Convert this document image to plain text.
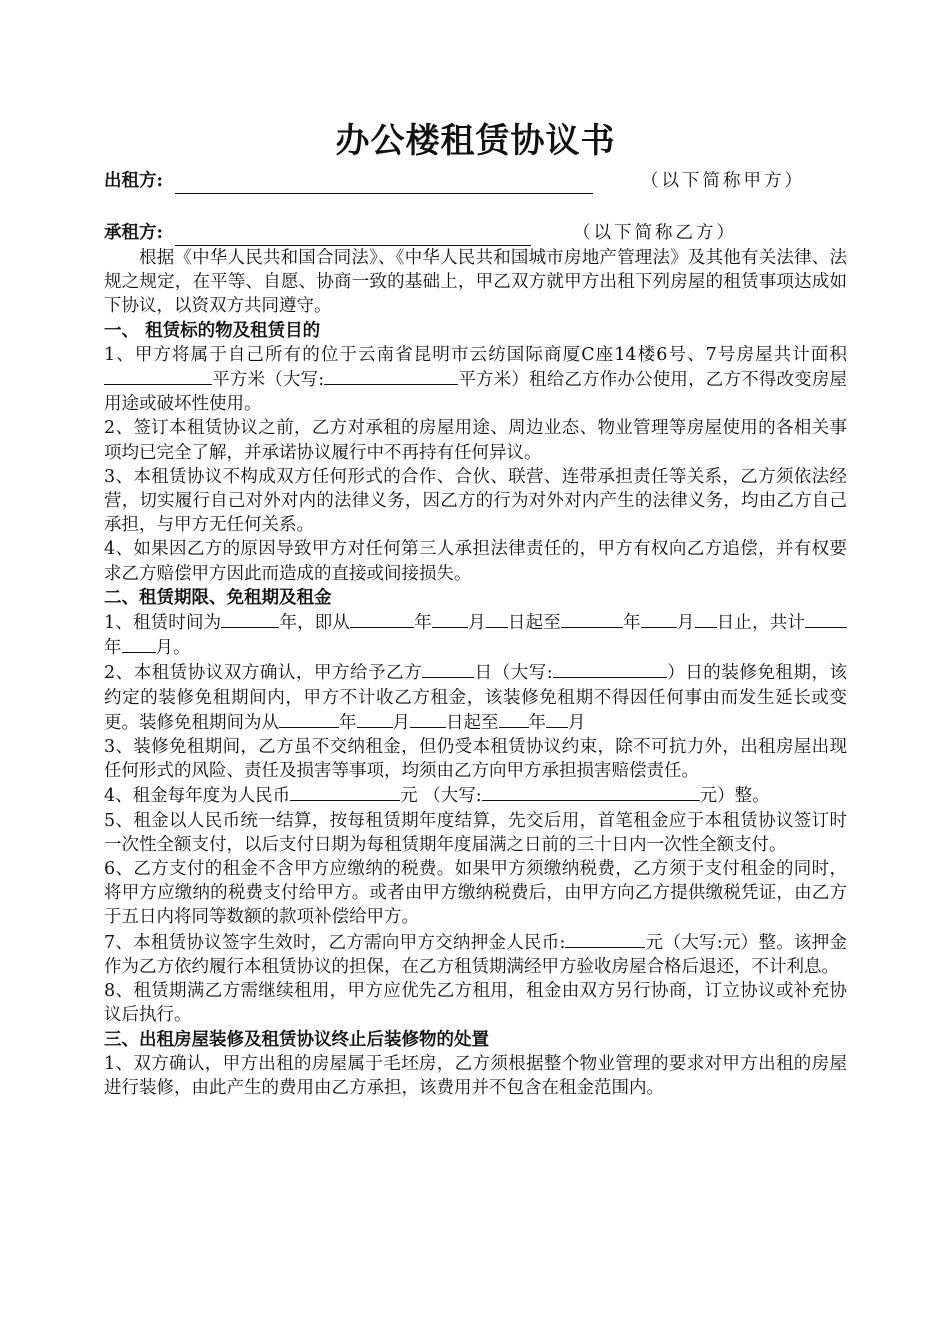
办公楼租赁协议书
出租方:	（以下简称甲方）
承租方:	（以下简称乙方）

根据《中华人民共和国合同法》、《中华人民共和国城市房地产管理法》及其他有关法律、法规之规定，在平等、自愿、协商一致的基础上，甲乙双方就甲方出租下列房屋的租赁事项达成如下协议，以资双方共同遵守。

一、 租赁标的物及租赁目的

1、甲方将属于自己所有的位于云南省昆明市云纺国际商厦C座14楼6号、7号房屋共计面积平方米（大写:	平方米）租给乙方作办公使用，乙方不得改变房屋用途或破坏性使用。

2、签订本租赁协议之前，乙方对承租的房屋用途、周边业态、物业管理等房屋使用的各相关事项均已完全了解，并承诺协议履行中不再持有任何异议。

3、本租赁协议不构成双方任何形式的合作、合伙、联营、连带承担责任等关系，乙方须依法经营，切实履行自己对外对内的法律义务，因乙方的行为对外对内产生的法律义务，均由乙方自己承担，与甲方无任何关系。

4、如果因乙方的原因导致甲方对任何第三人承担法律责任的，甲方有权向乙方追偿，并有权要求乙方赔偿甲方因此而造成的直接或间接损失。

二、租赁期限、免租期及租金

1、租赁时间为	年，即从	年 月 日起至	年 月 日止，共计年 月。

2、本租赁协议双方确认，甲方给予乙方	日（大写:	）日的装修免租期，该约定的装修免租期间内，甲方不计收乙方租金，该装修免租期不得因任何事由而发生延长或变更。装修免租期间为从	年 月 日起至 年 月

3、装修免租期间，乙方虽不交纳租金，但仍受本租赁协议约束，除不可抗力外，出租房屋出现任何形式的风险、责任及损害等事项，均须由乙方向甲方承担损害赔偿责任。

4、租金每年度为人民币	元 （大写:	元）整。

5、租金以人民币统一结算，按每租赁期年度结算，先交后用，首笔租金应于本租赁协议签订时一次性全额支付，以后支付日期为每租赁期年度届满之日前的三十日内一次性全额支付。

6、乙方支付的租金不含甲方应缴纳的税费。如果甲方须缴纳税费，乙方须于支付租金的同时，将甲方应缴纳的税费支付给甲方。或者由甲方缴纳税费后，由甲方向乙方提供缴税凭证，由乙方于五日内将同等数额的款项补偿给甲方。

7、本租赁协议签字生效时，乙方需向甲方交纳押金人民币:	元（大写:元）整。该押金作为乙方依约履行本租赁协议的担保，在乙方租赁期满经甲方验收房屋合格后退还，不计利息。

8、租赁期满乙方需继续租用，甲方应优先乙方租用，租金由双方另行协商，订立协议或补充协议后执行。

三、出租房屋装修及租赁协议终止后装修物的处置

1、双方确认，甲方出租的房屋属于毛坯房，乙方须根据整个物业管理的要求对甲方出租的房屋进行装修，由此产生的费用由乙方承担，该费用并不包含在租金范围内。
